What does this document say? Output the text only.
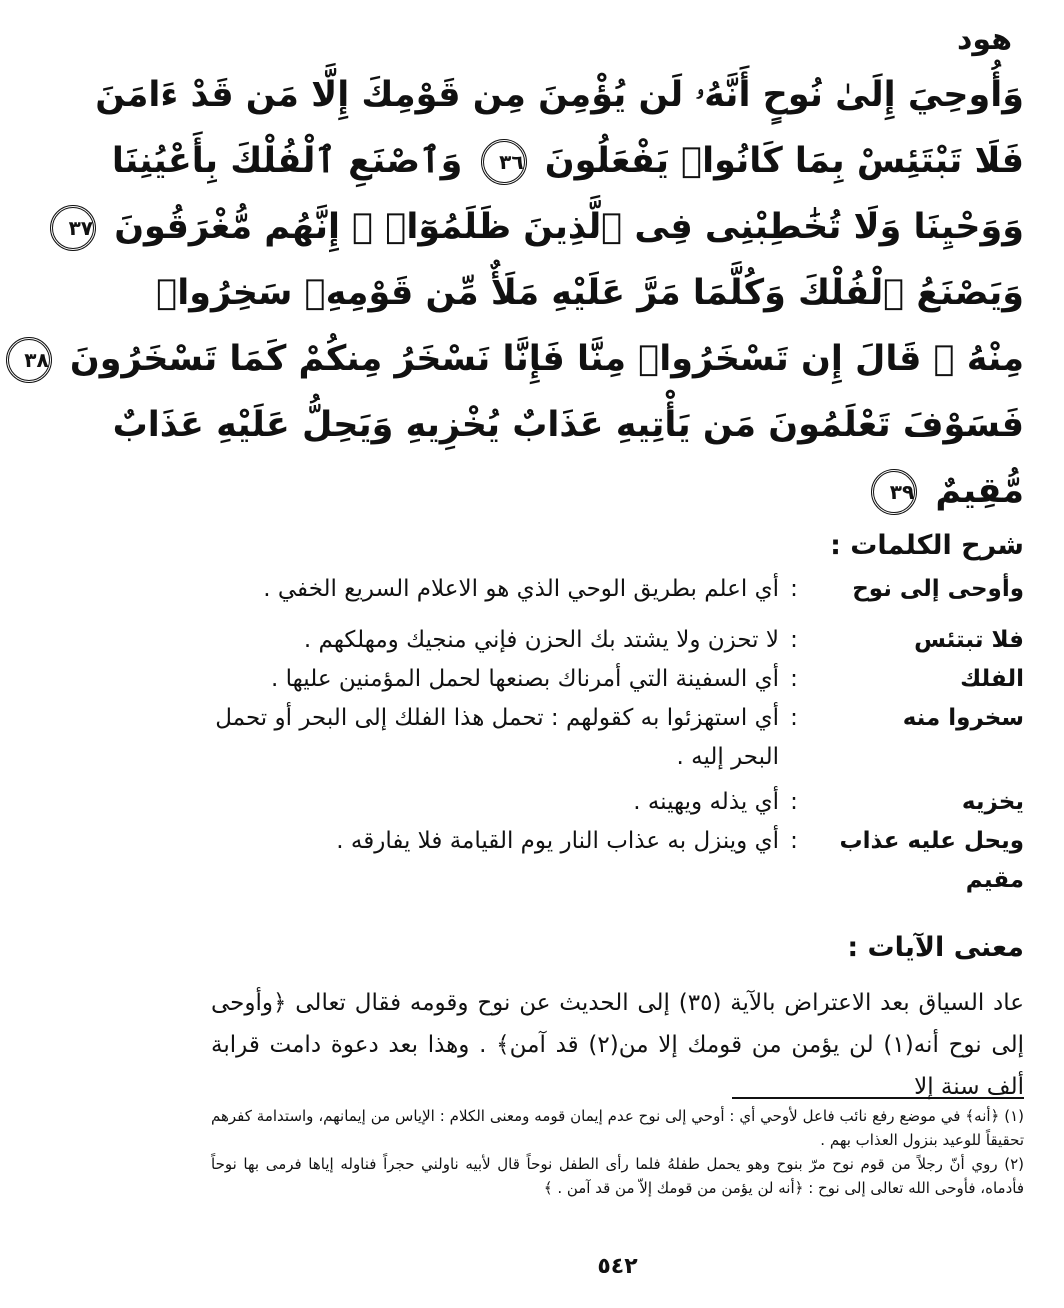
هود
وَأُوحِيَ إِلَىٰ نُوحٍ أَنَّهُۥ لَن يُؤْمِنَ مِن قَوْمِكَ إِلَّا مَن قَدْ ءَامَنَ
فَلَا تَبْتَئِسْ بِمَا كَانُوا۟ يَفْعَلُونَ ٣٦ وَٱصْنَعِ ٱلْفُلْكَ بِأَعْيُنِنَا
وَوَحْيِنَا وَلَا تُخَٰطِبْنِى فِى ٱلَّذِينَ ظَلَمُوٓا۟ ۚ إِنَّهُم مُّغْرَقُونَ ٣٧
وَيَصْنَعُ ٱلْفُلْكَ وَكُلَّمَا مَرَّ عَلَيْهِ مَلَأٌ مِّن قَوْمِهِۦ سَخِرُوا۟
مِنْهُ ۚ قَالَ إِن تَسْخَرُوا۟ مِنَّا فَإِنَّا نَسْخَرُ مِنكُمْ كَمَا تَسْخَرُونَ ٣٨
فَسَوْفَ تَعْلَمُونَ مَن يَأْتِيهِ عَذَابٌ يُخْزِيهِ وَيَحِلُّ عَلَيْهِ عَذَابٌ
مُّقِيمٌ ٣٩
شرح الكلمات :
وأوحى إلى نوح
:
أي اعلم بطريق الوحي الذي هو الاعلام السريع الخفي .
فلا تبتئس
:
لا تحزن ولا يشتد بك الحزن فإني منجيك ومهلكهم .
الفلك
:
أي السفينة التي أمرناك بصنعها لحمل المؤمنين عليها .
سخروا منه
:
أي استهزئوا به كقولهم : تحمل هذا الفلك إلى البحر أو تحمل البحر إليه .
يخزيه
:
أي يذله ويهينه .
ويحل عليه عذاب مقيم
:
أي وينزل به عذاب النار يوم القيامة فلا يفارقه .
معنى الآيات :
عاد السياق بعد الاعتراض بالآية (٣٥) إلى الحديث عن نوح وقومه فقال تعالى ﴿وأوحى إلى نوح أنه(١) لن يؤمن من قومك إلا من(٢) قد آمن﴾ . وهذا بعد دعوة دامت قرابة ألف سنة إلا
(١) ﴿أنه﴾ في موضع رفع نائب فاعل لأوحي أي : أوحي إلى نوح عدم إيمان قومه ومعنى الكلام : الإياس من إيمانهم، واستدامة كفرهم تحقيقاً للوعيد بنزول العذاب بهم .
(٢) روي أنّ رجلاً من قوم نوح مرّ بنوح وهو يحمل طفلهُ فلما رأى الطفل نوحاً قال لأبيه ناولني حجراً فناوله إياها فرمى بها نوحاً فأدماه، فأوحى الله تعالى إلى نوح : ﴿أنه لن يؤمن من قومك إلاّ من قد آمن . ﴾
٥٤٢
